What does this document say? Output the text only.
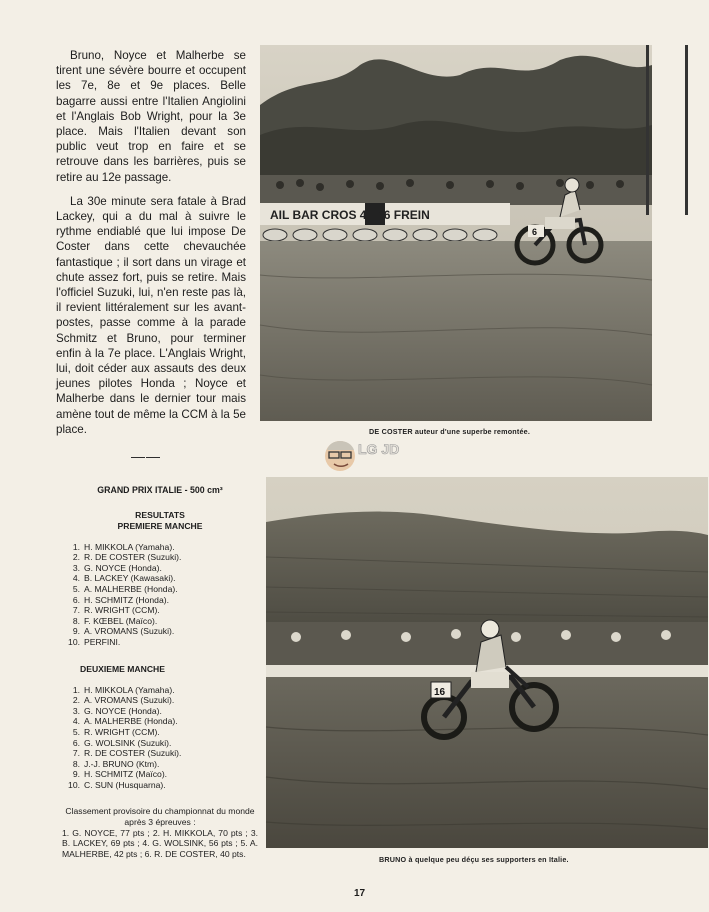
Bruno, Noyce et Malherbe se tirent une sévère bourre et occupent les 7e, 8e et 9e places. Belle bagarre aussi entre l'Italien Angiolini et l'Anglais Bob Wright, pour la 3e place. Mais l'Italien devant son public veut trop en faire et se retrouve dans les barrières, puis se retire au 12e passage.

La 30e minute sera fatale à Brad Lackey, qui a du mal à suivre le rythme endiablé que lui impose De Coster dans cette chevauchée fantastique ; il sort dans un virage et chute assez fort, puis se retire. Mais l'officiel Suzuki, lui, n'en reste pas là, il revient littéralement sur les avant-postes, passe comme à la parade Schmitz et Bruno, pour terminer enfin à la 7e place. L'Anglais Wright, lui, doit céder aux assauts des deux jeunes pilotes Honda ; Noyce et Malherbe dans le dernier tour mais amène tout de même la CCM à la 5e place.

——
AIL BAR CROS 4T 16 FREIN
6
DE COSTER auteur d'une superbe remontée.
LG JD
GRAND PRIX ITALIE - 500 cm³
RESULTATS
PREMIERE MANCHE
1. H. MIKKOLA (Yamaha).
2. R. DE COSTER (Suzuki).
3. G. NOYCE (Honda).
4. B. LACKEY (Kawasaki).
5. A. MALHERBE (Honda).
6. H. SCHMITZ (Honda).
7. R. WRIGHT (CCM).
8. F. KŒBEL (Maïco).
9. A. VROMANS (Suzuki).
10. PERFINI.
DEUXIEME MANCHE
1. H. MIKKOLA (Yamaha).
2. A. VROMANS (Suzuki).
3. G. NOYCE (Honda).
4. A. MALHERBE (Honda).
5. R. WRIGHT (CCM).
6. G. WOLSINK (Suzuki).
7. R. DE COSTER (Suzuki).
8. J.-J. BRUNO (Ktm).
9. H. SCHMITZ (Maïco).
10. C. SUN (Husquarna).
Classement provisoire du championnat du monde après 3 épreuves :
1. G. NOYCE, 77 pts ; 2. H. MIKKOLA, 70 pts ; 3. B. LACKEY, 69 pts ; 4. G. WOLSINK, 56 pts ; 5. A. MALHERBE, 42 pts ; 6. R. DE COSTER, 40 pts.
16
BRUNO à quelque peu déçu ses supporters en Italie.
17
